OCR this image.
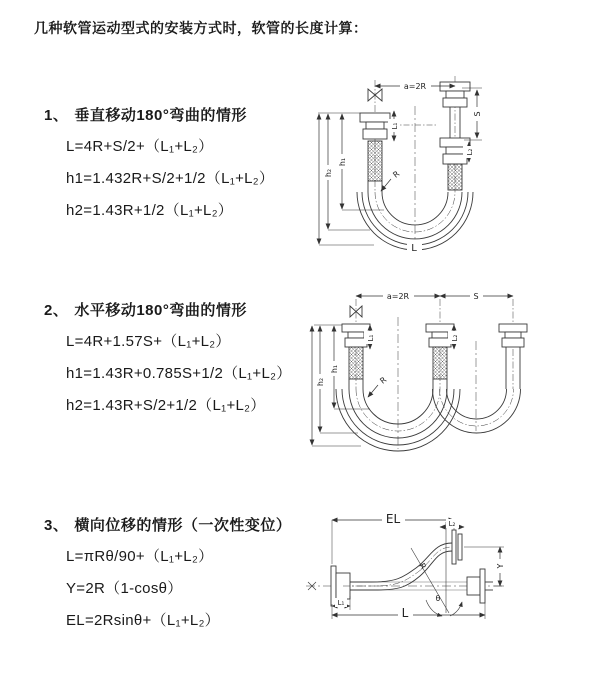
几种软管运动型式的安装方式时，软管的长度计算：
1、 垂直移动180°弯曲的情形
L=4R+S/2+（L₁+L₂）
h1=1.432R+S/2+1/2（L₁+L₂）
h2=1.43R+1/2（L₁+L₂）
2、 水平移动180°弯曲的情形
L=4R+1.57S+（L₁+L₂）
h1=1.43R+0.785S+1/2（L₁+L₂）
h2=1.43R+S/2+1/2（L₁+L₂）
3、 横向位移的情形（一次性变位）
L=πRθ/90+（L₁+L₂）
Y=2R（1-cosθ）
EL=2Rsinθ+（L₁+L₂）
a=2R
S
L₂
L₁
h₁
h₂	R
L
a=2R	S
L₁	L₂
h₁
h₂	R
EL	L₂
Y
L₁
L
R
θ
